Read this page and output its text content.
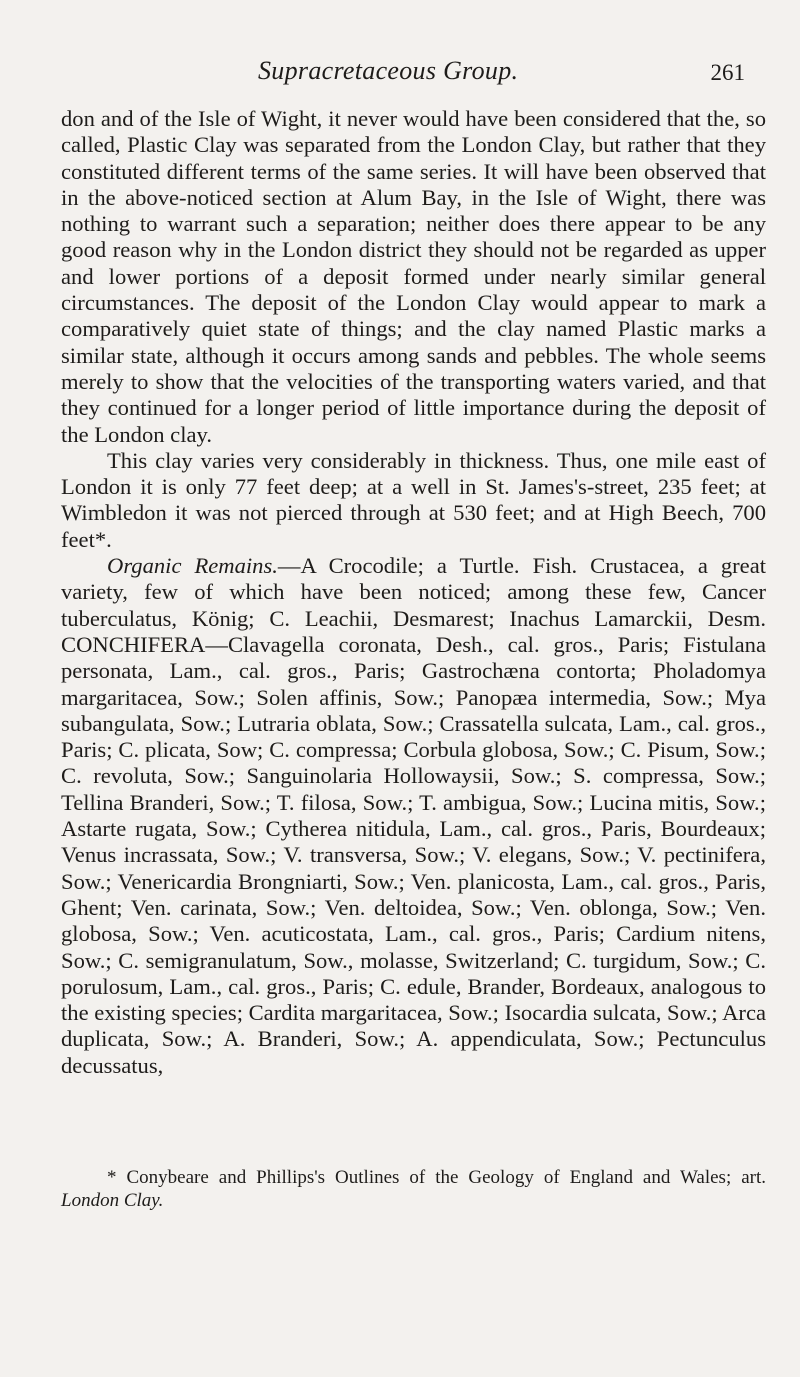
Supracretaceous Group.	261

don and of the Isle of Wight, it never would have been considered that the, so called, Plastic Clay was separated from the London Clay, but rather that they constituted different terms of the same series. It will have been observed that in the above-noticed section at Alum Bay, in the Isle of Wight, there was nothing to warrant such a separation; neither does there appear to be any good reason why in the London district they should not be regarded as upper and lower portions of a deposit formed under nearly similar general circumstances. The deposit of the London Clay would appear to mark a comparatively quiet state of things; and the clay named Plastic marks a similar state, although it occurs among sands and pebbles. The whole seems merely to show that the velocities of the transporting waters varied, and that they continued for a longer period of little importance during the deposit of the London clay.

This clay varies very considerably in thickness. Thus, one mile east of London it is only 77 feet deep; at a well in St. James's-street, 235 feet; at Wimbledon it was not pierced through at 530 feet; and at High Beech, 700 feet*.

Organic Remains.—A Crocodile; a Turtle. Fish. Crustacea, a great variety, few of which have been noticed; among these few, Cancer tuberculatus, König; C. Leachii, Desmarest; Inachus Lamarckii, Desm. CONCHIFERA—Clavagella coronata, Desh., cal. gros., Paris; Fistulana personata, Lam., cal. gros., Paris; Gastrochæna contorta; Pholadomya margaritacea, Sow.; Solen affinis, Sow.; Panopæa intermedia, Sow.; Mya subangulata, Sow.; Lutraria oblata, Sow.; Crassatella sulcata, Lam., cal. gros., Paris; C. plicata, Sow; C. compressa; Corbula globosa, Sow.; C. Pisum, Sow.; C. revoluta, Sow.; Sanguinolaria Hollowaysii, Sow.; S. compressa, Sow.; Tellina Branderi, Sow.; T. filosa, Sow.; T. ambigua, Sow.; Lucina mitis, Sow.; Astarte rugata, Sow.; Cytherea nitidula, Lam., cal. gros., Paris, Bourdeaux; Venus incrassata, Sow.; V. transversa, Sow.; V. elegans, Sow.; V. pectinifera, Sow.; Venericardia Brongniarti, Sow.; Ven. planicosta, Lam., cal. gros., Paris, Ghent; Ven. carinata, Sow.; Ven. deltoidea, Sow.; Ven. oblonga, Sow.; Ven. globosa, Sow.; Ven. acuticostata, Lam., cal. gros., Paris; Cardium nitens, Sow.; C. semigranulatum, Sow., molasse, Switzerland; C. turgidum, Sow.; C. porulosum, Lam., cal. gros., Paris; C. edule, Brander, Bordeaux, analogous to the existing species; Cardita margaritacea, Sow.; Isocardia sulcata, Sow.; Arca duplicata, Sow.; A. Branderi, Sow.; A. appendiculata, Sow.; Pectunculus decussatus,

* Conybeare and Phillips's Outlines of the Geology of England and Wales; art. London Clay.
